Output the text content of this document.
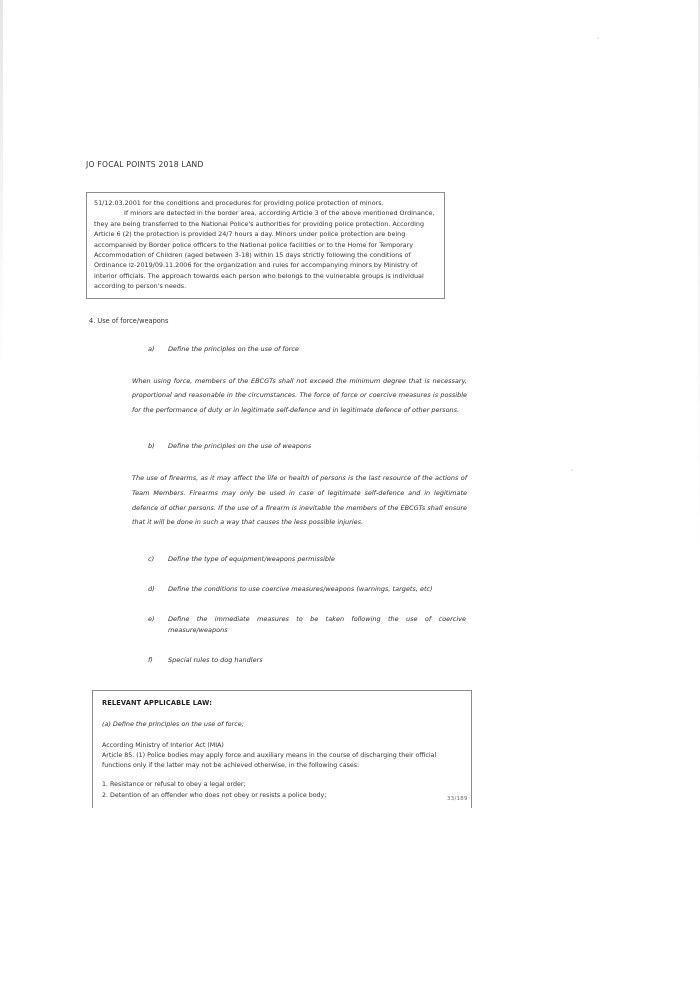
JO FOCAL POINTS 2018 LAND

51/12.03.2001 for the conditions and procedures for providing police protection of minors.

If minors are detected in the border area, according Article 3 of the above mentioned Ordinance, they are being transferred to the National Police's authorities for providing police protection. According Article 6 (2) the protection is provided 24/7 hours a day. Minors under police protection are being accompanied by Border police officers to the National police facilities or to the Home for Temporary Accommodation of Children (aged between 3-18) within 15 days strictly following the conditions of Ordinance Iz-2019/09.11.2006 for the organization and rules for accompanying minors by Ministry of interior officials. The approach towards each person who belongs to the vulnerable groups is individual according to person's needs.

4. Use of force/weapons
a)	Define the principles on the use of force

When using force, members of the EBCGTs shall not exceed the minimum degree that is necessary, proportional and reasonable in the circumstances. The force of force or coercive measures is possible for the performance of duty or in legitimate self-defence and in legitimate defence of other persons.

b)	Define the principles on the use of weapons

The use of firearms, as it may affect the life or health of persons is the last resource of the actions of Team Members. Firearms may only be used in case of legitimate self-defence and in legitimate defence of other persons. If the use of a firearm is inevitable the members of the EBCGTs shall ensure that it will be done in such a way that causes the less possible injuries.

c)	Define the type of equipment/weapons permissible
d)	Define the conditions to use coercive measures/weapons (warnings, targets, etc)
e)	Define the immediate measures to be taken following the use of coercive measure/weapons
f)	Special rules to dog handlers
RELEVANT APPLICABLE LAW:
(a) Define the principles on the use of force;

According Ministry of Interior Act (MIA)

Article 85. (1) Police bodies may apply force and auxiliary means in the course of discharging their official functions only if the latter may not be achieved otherwise, in the following cases:

1. Resistance or refusal to obey a legal order;

2. Detention of an offender who does not obey or resists a police body;

33/189
